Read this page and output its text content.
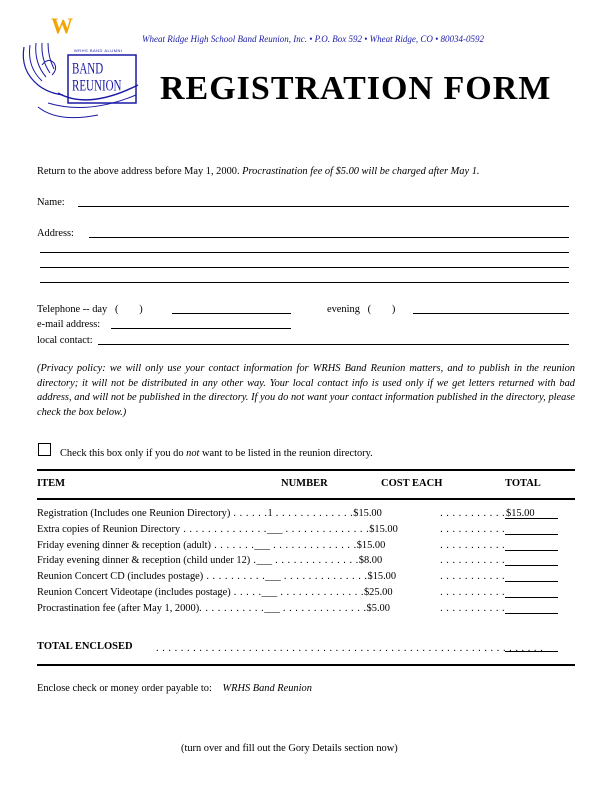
W
WRHS BAND ALUMNI
BAND REUNION
Wheat Ridge High School Band Reunion, Inc. • P.O. Box 592 • Wheat Ridge, CO • 80034-0592
REGISTRATION FORM
Return to the above address before May 1, 2000. Procrastination fee of $5.00 will be charged after May 1.
Name:
Address:
Telephone -- day   (        )	evening   (        )
e-mail address:
local contact:
(Privacy policy: we will only use your contact information for WRHS Band Reunion matters, and to publish in the reunion directory; it will not be distributed in any other way. Your local contact info is used only if we get letters returned with bad address, and will not be published in the directory. If you do not want your contact information published in the directory, please check the box below.)
Check this box only if you do not want to be listed in the reunion directory.
ITEM	NUMBER	COST EACH	TOTAL
Registration (Includes one Reunion Directory) . . . . . .1 . . . . . . . . . . . . .$15.00	. . . . . . . . . . . $15.00
Extra copies of Reunion Directory . . . . . . . . . . . . . .___ . . . . . . . . . . . . . .$15.00	. . . . . . . . . . .
Friday evening dinner & reception (adult) . . . . . . .___ . . . . . . . . . . . . . .$15.00	. . . . . . . . . . .
Friday evening dinner & reception (child under 12) .___ . . . . . . . . . . . . . .$8.00	. . . . . . . . . . .
Reunion Concert CD (includes postage) . . . . . . . . . .___ . . . . . . . . . . . . . .$15.00	. . . . . . . . . . .
Reunion Concert Videotape (includes postage) . . . . .___ . . . . . . . . . . . . . .$25.00	. . . . . . . . . . .
Procrastination fee (after May 1, 2000). . . . . . . . . . .___ . . . . . . . . . . . . . .$5.00	. . . . . . . . . . .
TOTAL ENCLOSED . . . . . . . . . . . . . . . . . . . . . . . . . . . . . . . . . . . . . . . . . . . . . . . . . . . . . . . . . . . . . . .
Enclose check or money order payable to: WRHS Band Reunion
(turn over and fill out the Gory Details section now)
